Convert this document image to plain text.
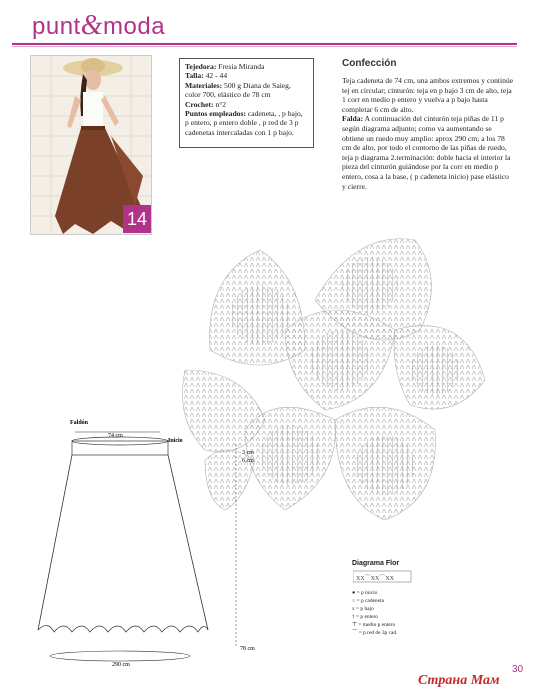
punt&moda
14
Tejedora: Fresia Miranda
Talla: 42 - 44
Materiales: 500 g Diana de Saieg, color 700, elástico de 78 cm
Crochet: n°2
Puntos empleados: cadeneta, , p bajo, p entero, p entero doble , p red de 3 p cadenetas intercaladas con 1 p bajo.
Confección

Teja cadeneta de 74 cm, una ambos extremos y continúe tej en circular; cinturón: teja en p bajo 3 cm de alto, teja 1 corr en medio p entero y vuelva a p bajo hasta completar 6 cm de alto.

Falda: A continuación del cinturón teja piñas de 11 p según diagrama adjunto; como va aumentando se obtiene un ruedo muy amplio: aprox 290 cm; a los 78 cm de alto, por todo el contorno de las piñas de ruedo, teja p diagrama 2.terminación: doble hacia el interior la pieza del cinturón guiándose por la corr en medio p entero, cosa a la base, ( p cadeneta inicio) pase elástico y cierre.

Faldón
74 cm
Inicio
3 cm
6 cm
78 cm
290 cm
Diagrama Flor
XX⌒XX⌒XX
● = p inicio
○ = p cadeneta
x = p bajo
† = p entero
⊤ = medio p entero
⌒ = p red de 3p cad.
30
Страна Мам
